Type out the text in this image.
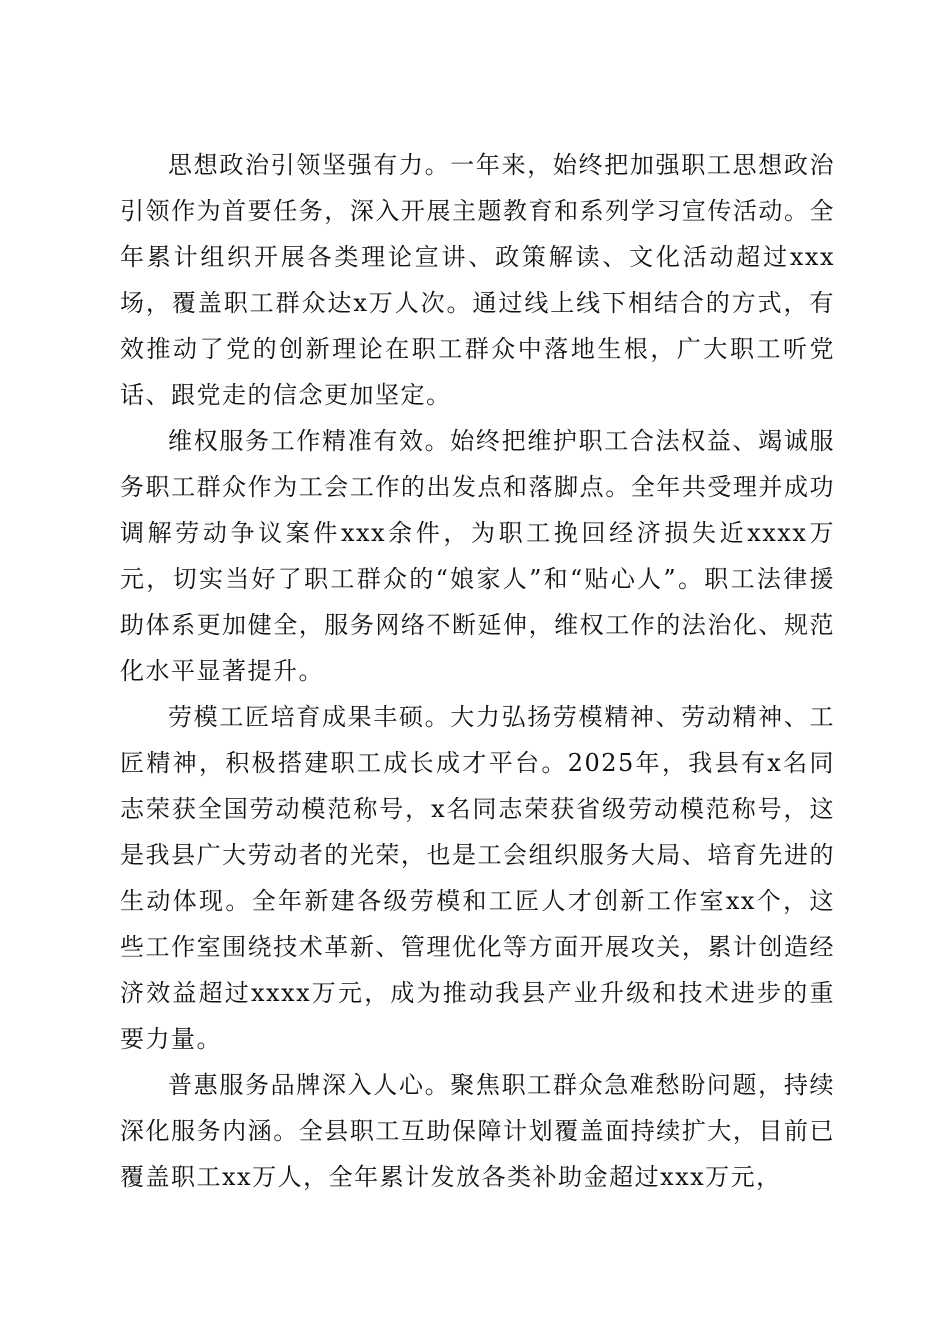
思想政治引领坚强有力。一年来，始终把加强职工思想政治引领作为首要任务，深入开展主题教育和系列学习宣传活动。全年累计组织开展各类理论宣讲、政策解读、文化活动超过xxx场，覆盖职工群众达x万人次。通过线上线下相结合的方式，有效推动了党的创新理论在职工群众中落地生根，广大职工听党话、跟党走的信念更加坚定。

维权服务工作精准有效。始终把维护职工合法权益、竭诚服务职工群众作为工会工作的出发点和落脚点。全年共受理并成功调解劳动争议案件xxx余件，为职工挽回经济损失近xxxx万元，切实当好了职工群众的“娘家人”和“贴心人”。职工法律援助体系更加健全，服务网络不断延伸，维权工作的法治化、规范化水平显著提升。

劳模工匠培育成果丰硕。大力弘扬劳模精神、劳动精神、工匠精神，积极搭建职工成长成才平台。2025年，我县有x名同志荣获全国劳动模范称号，x名同志荣获省级劳动模范称号，这是我县广大劳动者的光荣，也是工会组织服务大局、培育先进的生动体现。全年新建各级劳模和工匠人才创新工作室xx个，这些工作室围绕技术革新、管理优化等方面开展攻关，累计创造经济效益超过xxxx万元，成为推动我县产业升级和技术进步的重要力量。

普惠服务品牌深入人心。聚焦职工群众急难愁盼问题，持续深化服务内涵。全县职工互助保障计划覆盖面持续扩大，目前已覆盖职工xx万人，全年累计发放各类补助金超过xxx万元，
